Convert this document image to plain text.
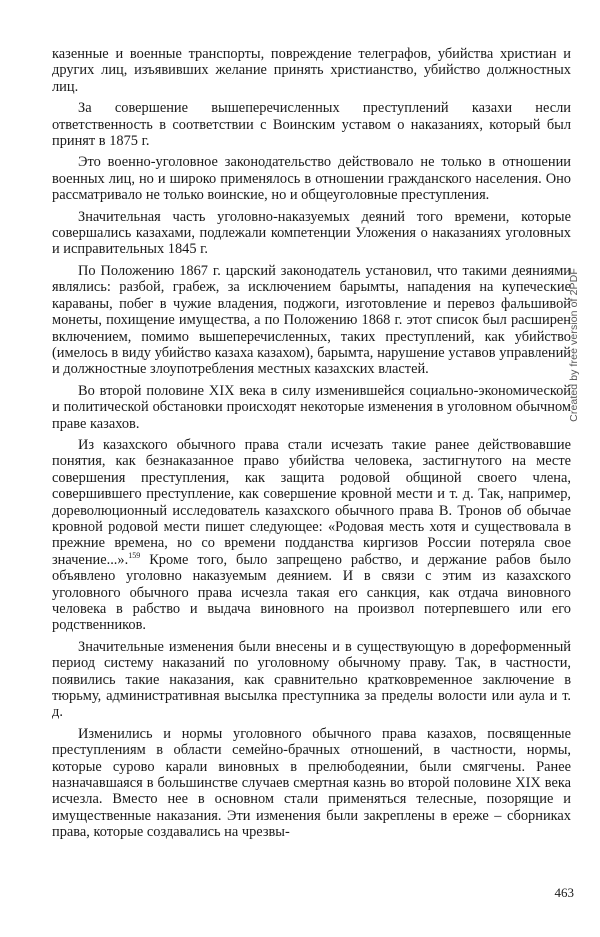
казенные и военные транспорты, повреждение телеграфов, убийства христиан и других лиц, изъявивших желание принять христианство, убийство должностных лиц.

За совершение вышеперечисленных преступлений казахи несли ответственность в соответствии с Воинским уставом о наказаниях, который был принят в 1875 г.

Это военно-уголовное законодательство действовало не только в отношении военных лиц, но и широко применялось в отношении гражданского населения. Оно рассматривало не только воинские, но и общеуголовные преступления.

Значительная часть уголовно-наказуемых деяний того времени, которые совершались казахами, подлежали компетенции Уложения о наказаниях уголовных и исправительных 1845 г.

По Положению 1867 г. царский законодатель установил, что такими деяниями являлись: разбой, грабеж, за исключением барымты, нападения на купеческие караваны, побег в чужие владения, поджоги, изготовление и перевоз фальшивой монеты, похищение имущества, а по Положению 1868 г. этот список был расширен включением, помимо вышеперечисленных, таких преступлений, как убийство (имелось в виду убийство казаха казахом), барымта, нарушение уставов управлений и должностные злоупотребления местных казахских властей.

Во второй половине XIX века в силу изменившейся социально-экономической и политической обстановки происходят некоторые изменения в уголовном обычном праве казахов.

Из казахского обычного права стали исчезать такие ранее действовавшие понятия, как безнаказанное право убийства человека, застигнутого на месте совершения преступления, как защита родовой общиной своего члена, совершившего преступление, как совершение кровной мести и т. д. Так, например, дореволюционный исследователь казахского обычного права В. Тронов об обычае кровной родовой мести пишет следующее: «Родовая месть хотя и существовала в прежние времена, но со времени подданства киргизов России потеряла свое значение...».$^{159}$ Кроме того, было запрещено рабство, и держание рабов было объявлено уголовно наказуемым деянием. И в связи с этим из казахского уголовного обычного права исчезла такая его санкция, как отдача виновного человека в рабство и выдача виновного на произвол потерпевшего или его родственников.

Значительные изменения были внесены и в существующую в дореформенный период систему наказаний по уголовному обычному праву. Так, в частности, появились такие наказания, как сравнительно кратковременное заключение в тюрьму, административная высылка преступника за пределы волости или аула и т. д.

Изменились и нормы уголовного обычного права казахов, посвященные преступлениям в области семейно-брачных отношений, в частности, нормы, которые сурово карали виновных в прелюбодеянии, были смягчены. Ранее назначавшаяся в большинстве случаев смертная казнь во второй половине XIX века исчезла. Вместо нее в основном стали применяться телесные, позорящие и имущественные наказания. Эти изменения были закреплены в ереже – сборниках права, которые создавались на чрезвы-

463
Created by free version of 2PDF
